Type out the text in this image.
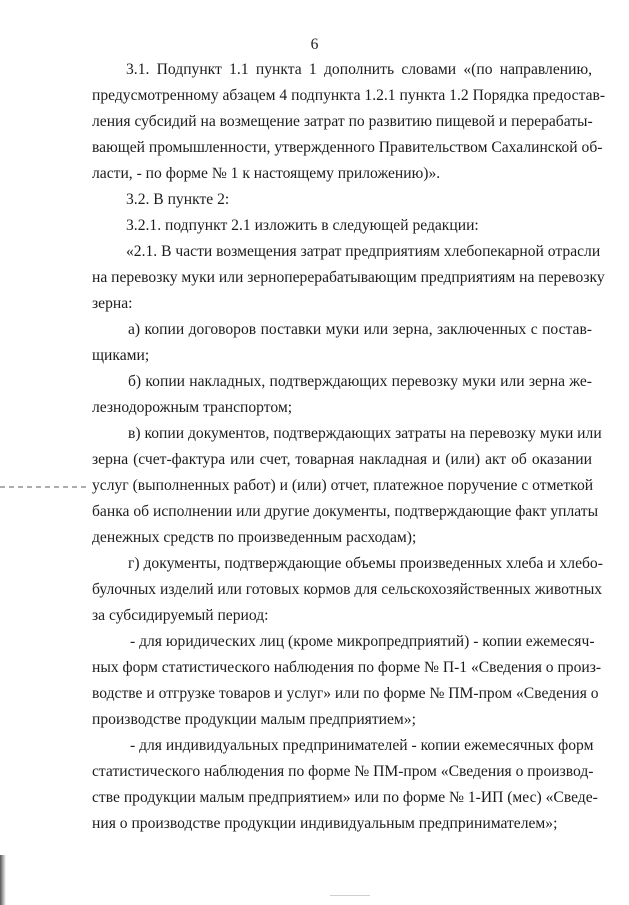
6
3.1. Подпункт 1.1 пункта 1 дополнить словами «(по направлению,
предусмотренному абзацем 4 подпункта 1.2.1 пункта 1.2 Порядка предостав-
ления субсидий на возмещение затрат по развитию пищевой и перерабаты-
вающей промышленности, утвержденного Правительством Сахалинской об-
ласти, - по форме № 1 к настоящему приложению)».
3.2. В пункте 2:
3.2.1. подпункт 2.1 изложить в следующей редакции:
«2.1. В части возмещения затрат предприятиям хлебопекарной отрасли
на перевозку муки или зерноперерабатывающим предприятиям на перевозку
зерна:
а) копии договоров поставки муки или зерна, заключенных с постав-
щиками;
б) копии накладных, подтверждающих перевозку муки или зерна же-
лезнодорожным транспортом;
в) копии документов, подтверждающих затраты на перевозку муки или
зерна (счет-фактура или счет, товарная накладная и (или) акт об оказании
услуг (выполненных работ) и (или) отчет, платежное поручение с отметкой
банка об исполнении или другие документы, подтверждающие факт уплаты
денежных средств по произведенным расходам);
г) документы, подтверждающие объемы произведенных хлеба и хлебо-
булочных изделий или готовых кормов для сельскохозяйственных животных
за субсидируемый период:
- для юридических лиц (кроме микропредприятий) - копии ежемесяч-
ных форм статистического наблюдения по форме № П-1 «Сведения о произ-
водстве и отгрузке товаров и услуг» или по форме № ПМ-пром «Сведения о
производстве продукции малым предприятием»;
- для индивидуальных предпринимателей - копии ежемесячных форм
статистического наблюдения по форме № ПМ-пром «Сведения о производ-
стве продукции малым предприятием» или по форме № 1-ИП (мес) «Сведе-
ния о производстве продукции индивидуальным предпринимателем»;
